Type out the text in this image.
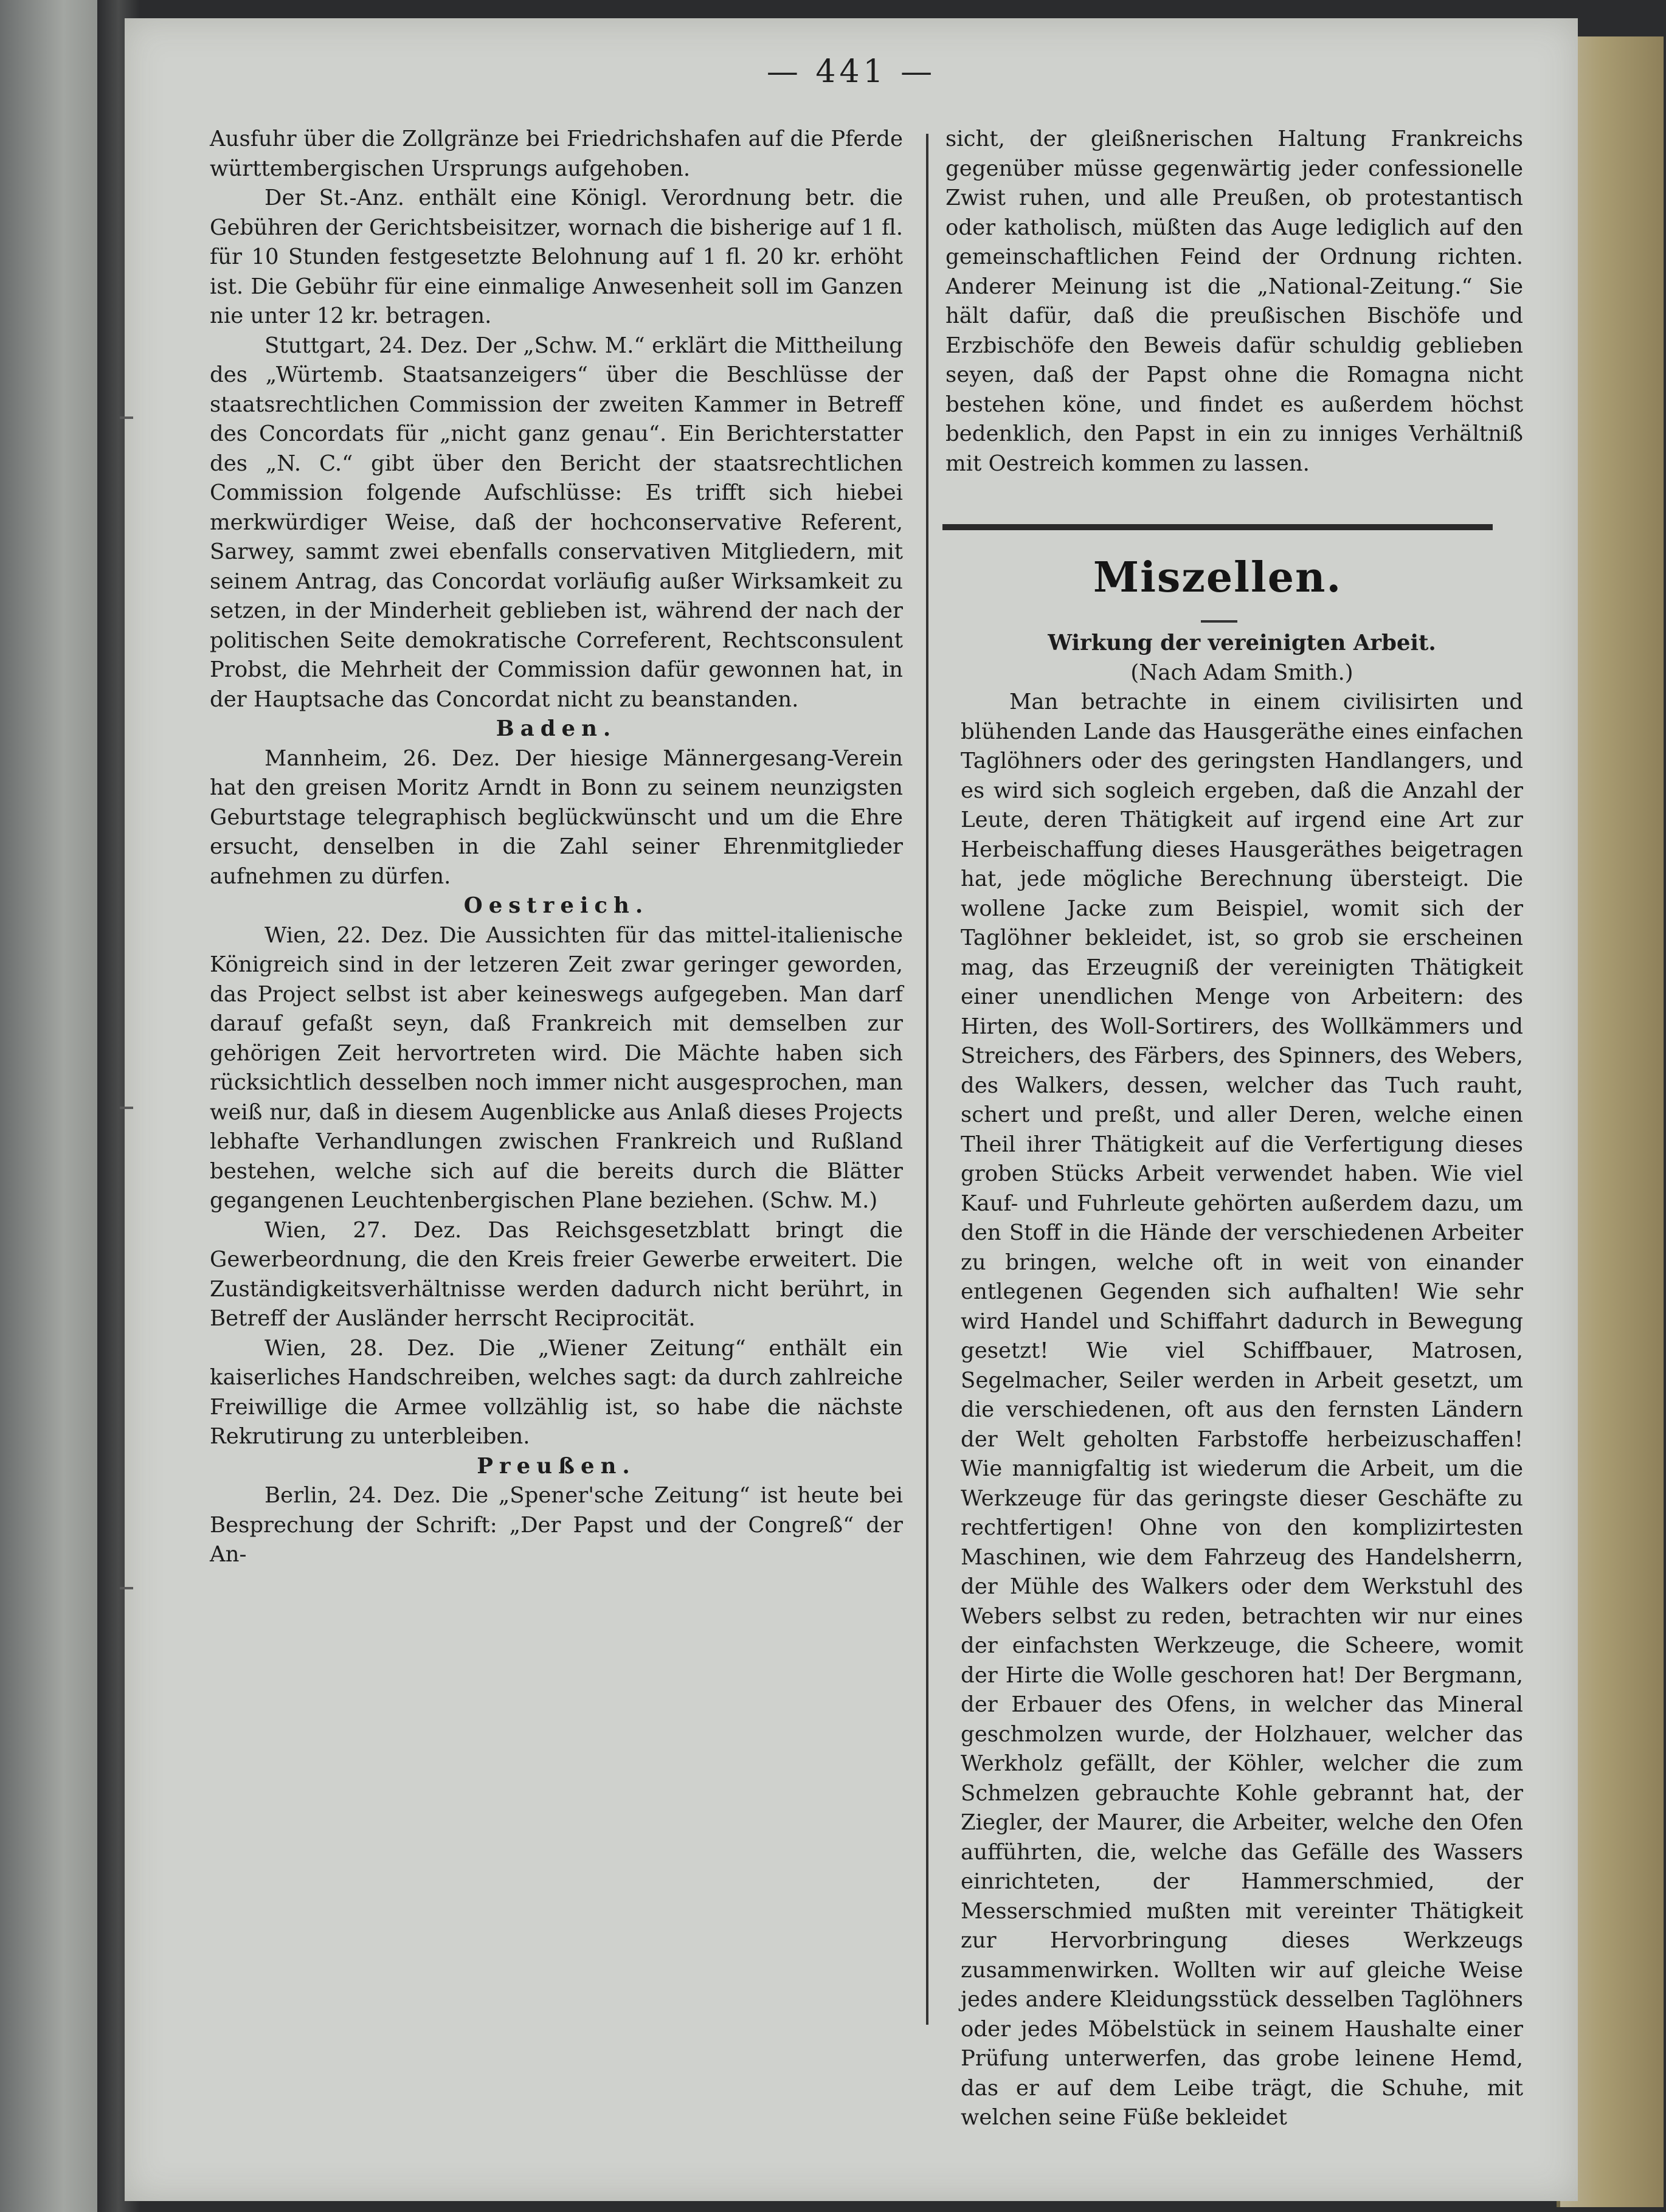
— 441 —

Ausfuhr über die Zollgränze bei Friedrichshafen auf die Pferde württembergischen Ursprungs aufgehoben.

Der St.-Anz. enthält eine Königl. Verordnung betr. die Gebühren der Gerichtsbeisitzer, wornach die bisherige auf 1 fl. für 10 Stunden festgesetzte Belohnung auf 1 fl. 20 kr. erhöht ist. Die Gebühr für eine einmalige Anwesenheit soll im Ganzen nie unter 12 kr. betragen.

Stuttgart, 24. Dez. Der „Schw. M.“ erklärt die Mittheilung des „Würtemb. Staatsanzeigers“ über die Beschlüsse der staatsrechtlichen Commission der zweiten Kammer in Betreff des Concordats für „nicht ganz genau“. Ein Berichterstatter des „N. C.“ gibt über den Bericht der staatsrechtlichen Commission folgende Aufschlüsse: Es trifft sich hiebei merkwürdiger Weise, daß der hochconservative Referent, Sarwey, sammt zwei ebenfalls conservativen Mitgliedern, mit seinem Antrag, das Concordat vorläufig außer Wirksamkeit zu setzen, in der Minderheit geblieben ist, während der nach der politischen Seite demokratische Correferent, Rechtsconsulent Probst, die Mehrheit der Commission dafür gewonnen hat, in der Hauptsache das Concordat nicht zu beanstanden.

Baden.

Mannheim, 26. Dez. Der hiesige Männergesang-Verein hat den greisen Moritz Arndt in Bonn zu seinem neunzigsten Geburtstage telegraphisch beglückwünscht und um die Ehre ersucht, denselben in die Zahl seiner Ehrenmitglieder aufnehmen zu dürfen.

Oestreich.

Wien, 22. Dez. Die Aussichten für das mittel-italienische Königreich sind in der letzeren Zeit zwar geringer geworden, das Project selbst ist aber keineswegs aufgegeben. Man darf darauf gefaßt seyn, daß Frankreich mit demselben zur gehörigen Zeit hervortreten wird. Die Mächte haben sich rücksichtlich desselben noch immer nicht ausgesprochen, man weiß nur, daß in diesem Augenblicke aus Anlaß dieses Projects lebhafte Verhandlungen zwischen Frankreich und Rußland bestehen, welche sich auf die bereits durch die Blätter gegangenen Leuchtenbergischen Plane beziehen. (Schw. M.)

Wien, 27. Dez. Das Reichsgesetzblatt bringt die Gewerbeordnung, die den Kreis freier Gewerbe erweitert. Die Zuständigkeitsverhältnisse werden dadurch nicht berührt, in Betreff der Ausländer herrscht Reciprocität.

Wien, 28. Dez. Die „Wiener Zeitung“ enthält ein kaiserliches Handschreiben, welches sagt: da durch zahlreiche Freiwillige die Armee vollzählig ist, so habe die nächste Rekrutirung zu unterbleiben.

Preußen.

Berlin, 24. Dez. Die „Spener'sche Zeitung“ ist heute bei Besprechung der Schrift: „Der Papst und der Congreß“ der An-

sicht, der gleißnerischen Haltung Frankreichs gegenüber müsse gegenwärtig jeder confessionelle Zwist ruhen, und alle Preußen, ob protestantisch oder katholisch, müßten das Auge lediglich auf den gemeinschaftlichen Feind der Ordnung richten. Anderer Meinung ist die „National-Zeitung.“ Sie hält dafür, daß die preußischen Bischöfe und Erzbischöfe den Beweis dafür schuldig geblieben seyen, daß der Papst ohne die Romagna nicht bestehen köne, und findet es außerdem höchst bedenklich, den Papst in ein zu inniges Verhältniß mit Oestreich kommen zu lassen.

Miszellen.

Wirkung der vereinigten Arbeit.

(Nach Adam Smith.)

Man betrachte in einem civilisirten und blühenden Lande das Hausgeräthe eines einfachen Taglöhners oder des geringsten Handlangers, und es wird sich sogleich ergeben, daß die Anzahl der Leute, deren Thätigkeit auf irgend eine Art zur Herbeischaffung dieses Hausgeräthes beigetragen hat, jede mögliche Berechnung übersteigt. Die wollene Jacke zum Beispiel, womit sich der Taglöhner bekleidet, ist, so grob sie erscheinen mag, das Erzeugniß der vereinigten Thätigkeit einer unendlichen Menge von Arbeitern: des Hirten, des Woll-Sortirers, des Wollkämmers und Streichers, des Färbers, des Spinners, des Webers, des Walkers, dessen, welcher das Tuch rauht, schert und preßt, und aller Deren, welche einen Theil ihrer Thätigkeit auf die Verfertigung dieses groben Stücks Arbeit verwendet haben. Wie viel Kauf- und Fuhrleute gehörten außerdem dazu, um den Stoff in die Hände der verschiedenen Arbeiter zu bringen, welche oft in weit von einander entlegenen Gegenden sich aufhalten! Wie sehr wird Handel und Schiffahrt dadurch in Bewegung gesetzt! Wie viel Schiffbauer, Matrosen, Segelmacher, Seiler werden in Arbeit gesetzt, um die verschiedenen, oft aus den fernsten Ländern der Welt geholten Farbstoffe herbeizuschaffen! Wie mannigfaltig ist wiederum die Arbeit, um die Werkzeuge für das geringste dieser Geschäfte zu rechtfertigen! Ohne von den komplizirtesten Maschinen, wie dem Fahrzeug des Handelsherrn, der Mühle des Walkers oder dem Werkstuhl des Webers selbst zu reden, betrachten wir nur eines der einfachsten Werkzeuge, die Scheere, womit der Hirte die Wolle geschoren hat! Der Bergmann, der Erbauer des Ofens, in welcher das Mineral geschmolzen wurde, der Holzhauer, welcher das Werkholz gefällt, der Köhler, welcher die zum Schmelzen gebrauchte Kohle gebrannt hat, der Ziegler, der Maurer, die Arbeiter, welche den Ofen aufführten, die, welche das Gefälle des Wassers einrichteten, der Hammerschmied, der Messerschmied mußten mit vereinter Thätigkeit zur Hervorbringung dieses Werkzeugs zusammenwirken. Wollten wir auf gleiche Weise jedes andere Kleidungsstück desselben Taglöhners oder jedes Möbelstück in seinem Haushalte einer Prüfung unterwerfen, das grobe leinene Hemd, das er auf dem Leibe trägt, die Schuhe, mit welchen seine Füße bekleidet
